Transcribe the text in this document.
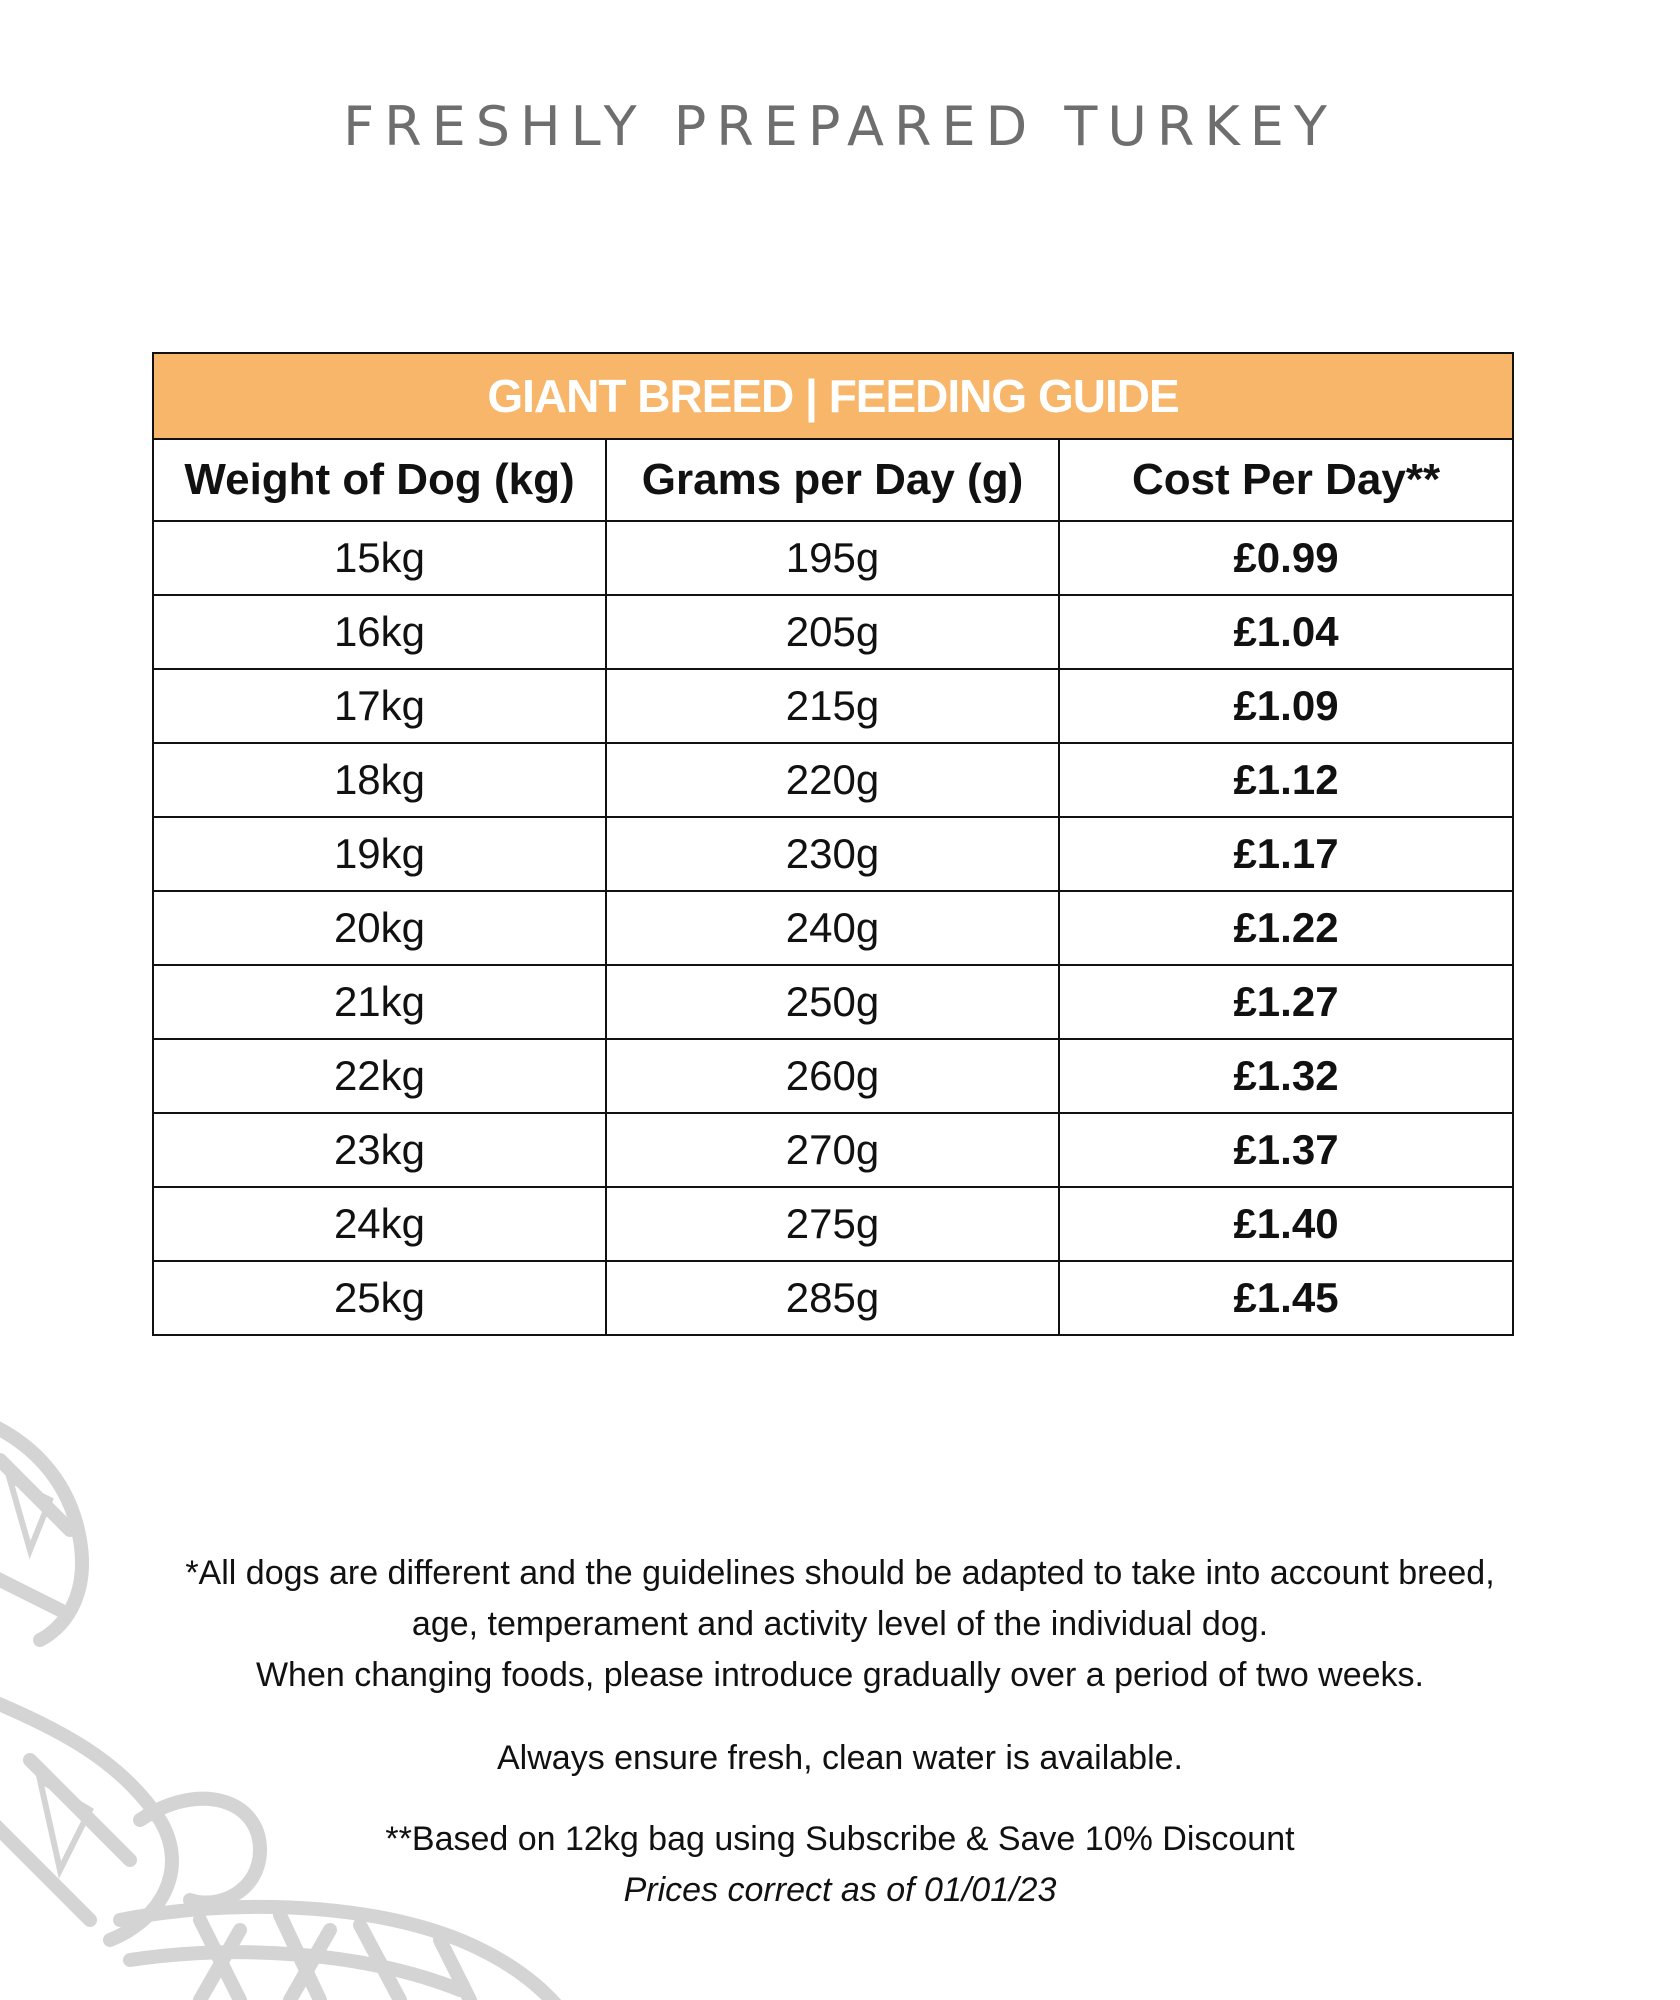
FRESHLY PREPARED TURKEY
GIANT BREED | FEEDING GUIDE		
Weight of Dog (kg)	Grams per Day (g)	Cost Per Day**
15kg	195g	£0.99
16kg	205g	£1.04
17kg	215g	£1.09
18kg	220g	£1.12
19kg	230g	£1.17
20kg	240g	£1.22
21kg	250g	£1.27
22kg	260g	£1.32
23kg	270g	£1.37
24kg	275g	£1.40
25kg	285g	£1.45

*All dogs are different and the guidelines should be adapted to take into account breed,

age, temperament and activity level of the individual dog.

When changing foods, please introduce gradually over a period of two weeks.

Always ensure fresh, clean water is available.

**Based on 12kg bag using Subscribe & Save 10% Discount

Prices correct as of 01/01/23
